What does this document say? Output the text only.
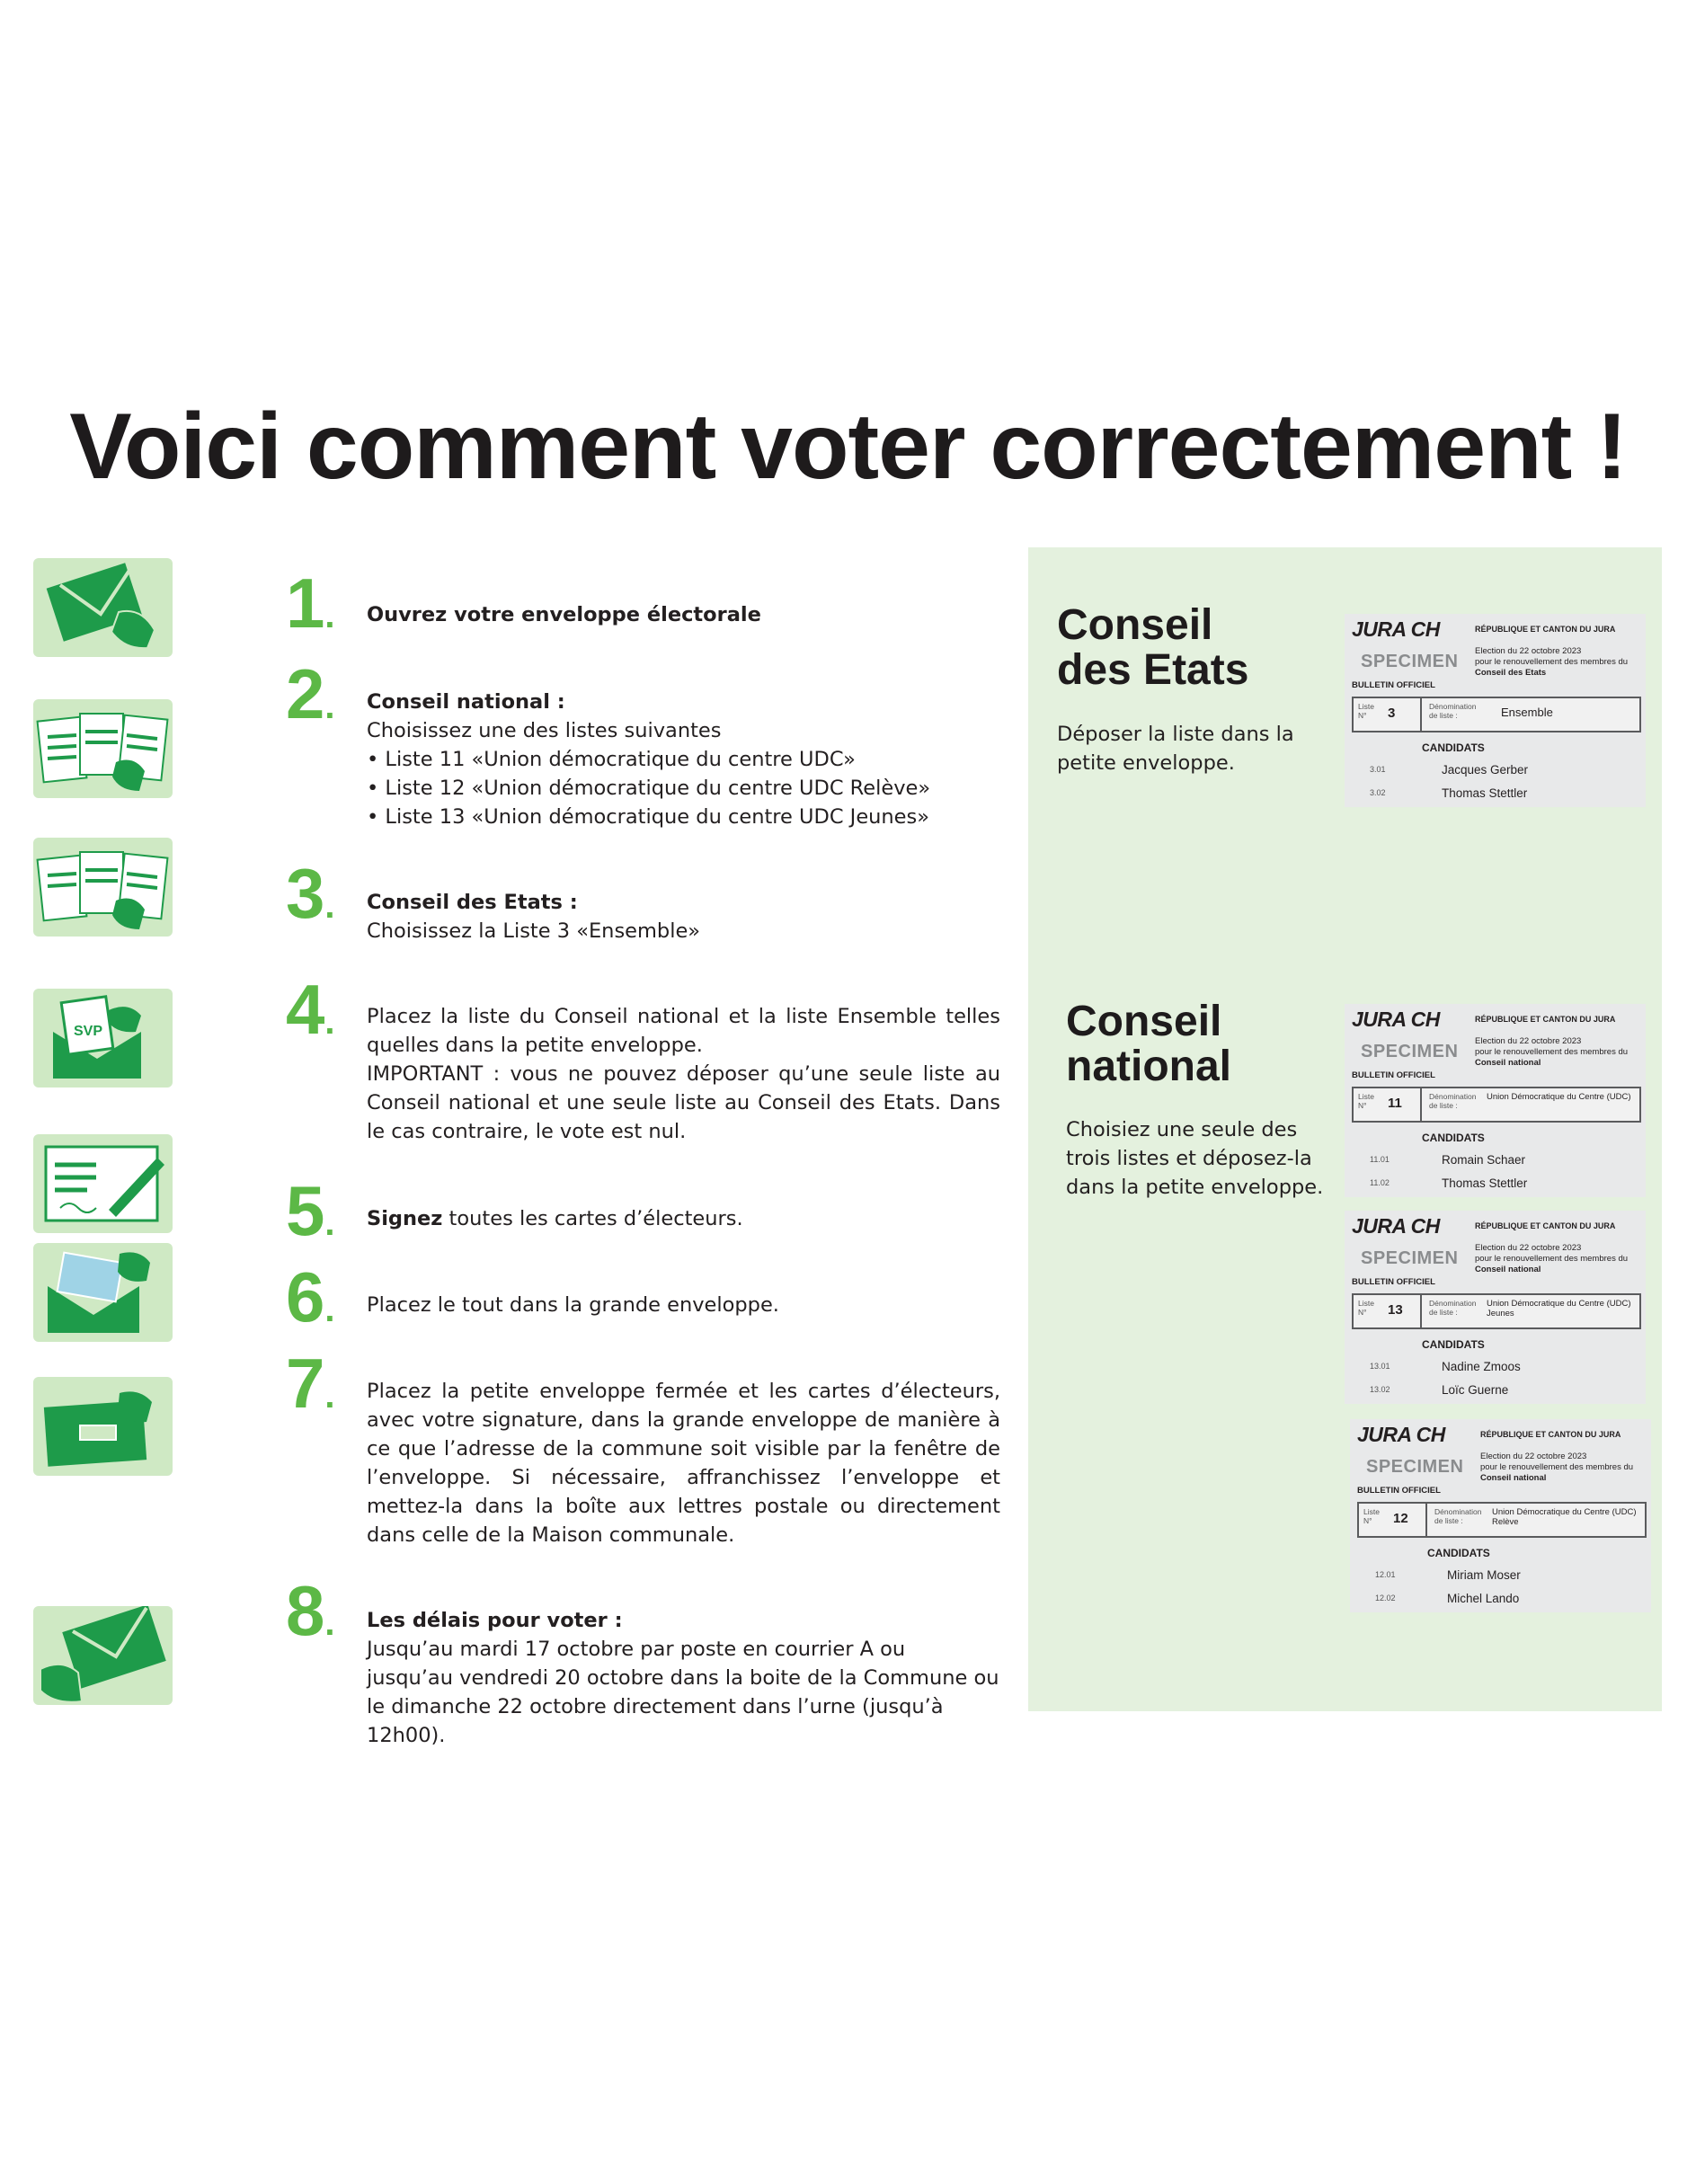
Voici comment voter correctement !
SVP
1.
2.
3.
4.
5.
6.
7.
8.

Ouvrez votre enveloppe électorale

Conseil national :

Choisissez une des listes suivantes

• Liste 11 «Union démocratique du centre UDC»

• Liste 12 «Union démocratique du centre UDC Relève»

• Liste 13 «Union démocratique du centre UDC Jeunes»

Conseil des Etats :

Choisissez la Liste 3 «Ensemble»

Placez la liste du Conseil national et la liste Ensemble telles quelles dans la petite enveloppe.

IMPORTANT : vous ne pouvez déposer qu’une seule liste au Conseil national et une seule liste au Conseil des Etats. Dans le cas contraire, le vote est nul.

Signez toutes les cartes d’électeurs.

Placez le tout dans la grande enveloppe.

Placez la petite enveloppe fermée et les cartes d’électeurs, avec votre signature, dans la grande enveloppe de manière à ce que l’adresse de la commune soit visible par la fenêtre de l’enveloppe. Si nécessaire, affranchissez l’enveloppe et mettez-la dans la boîte aux lettres postale ou directement dans celle de la Maison communale.

Les délais pour voter :

Jusqu’au mardi 17 octobre par poste en courrier A ou

jusqu’au vendredi 20 octobre dans la boite de la Commune ou

le dimanche 22 octobre directement dans l’urne (jusqu’à 12h00).

Conseil
des Etats
Déposer la liste dans la
petite enveloppe.
Conseil
national
Choisiez une seule des
trois listes et déposez-la
dans la petite enveloppe.
JURA CH	RÉPUBLIQUE ET CANTON DU JURA
SPECIMEN
Election du 22 octobre 2023
pour le renouvellement des membres du
Conseil des Etats
BULLETIN OFFICIEL
Liste N°	3	Dénomination de liste :	Ensemble
CANDIDATS
3.01	Jacques Gerber
3.02	Thomas Stettler
JURA CH	RÉPUBLIQUE ET CANTON DU JURA
SPECIMEN
Election du 22 octobre 2023
pour le renouvellement des membres du
Conseil national
BULLETIN OFFICIEL
Liste N°	11	Dénomination de liste :
Union Démocratique du Centre (UDC)
CANDIDATS
11.01	Romain Schaer
11.02	Thomas Stettler
JURA CH	RÉPUBLIQUE ET CANTON DU JURA
SPECIMEN
Election du 22 octobre 2023
pour le renouvellement des membres du
Conseil national
BULLETIN OFFICIEL
Liste N°	13	Dénomination de liste :
Union Démocratique du Centre (UDC) Jeunes
CANDIDATS
13.01	Nadine Zmoos
13.02	Loïc Guerne
JURA CH	RÉPUBLIQUE ET CANTON DU JURA
SPECIMEN
Election du 22 octobre 2023
pour le renouvellement des membres du
Conseil national
BULLETIN OFFICIEL
Liste N°	12	Dénomination de liste :
Union Démocratique du Centre (UDC) Relève
CANDIDATS
12.01	Miriam Moser
12.02	Michel Lando
